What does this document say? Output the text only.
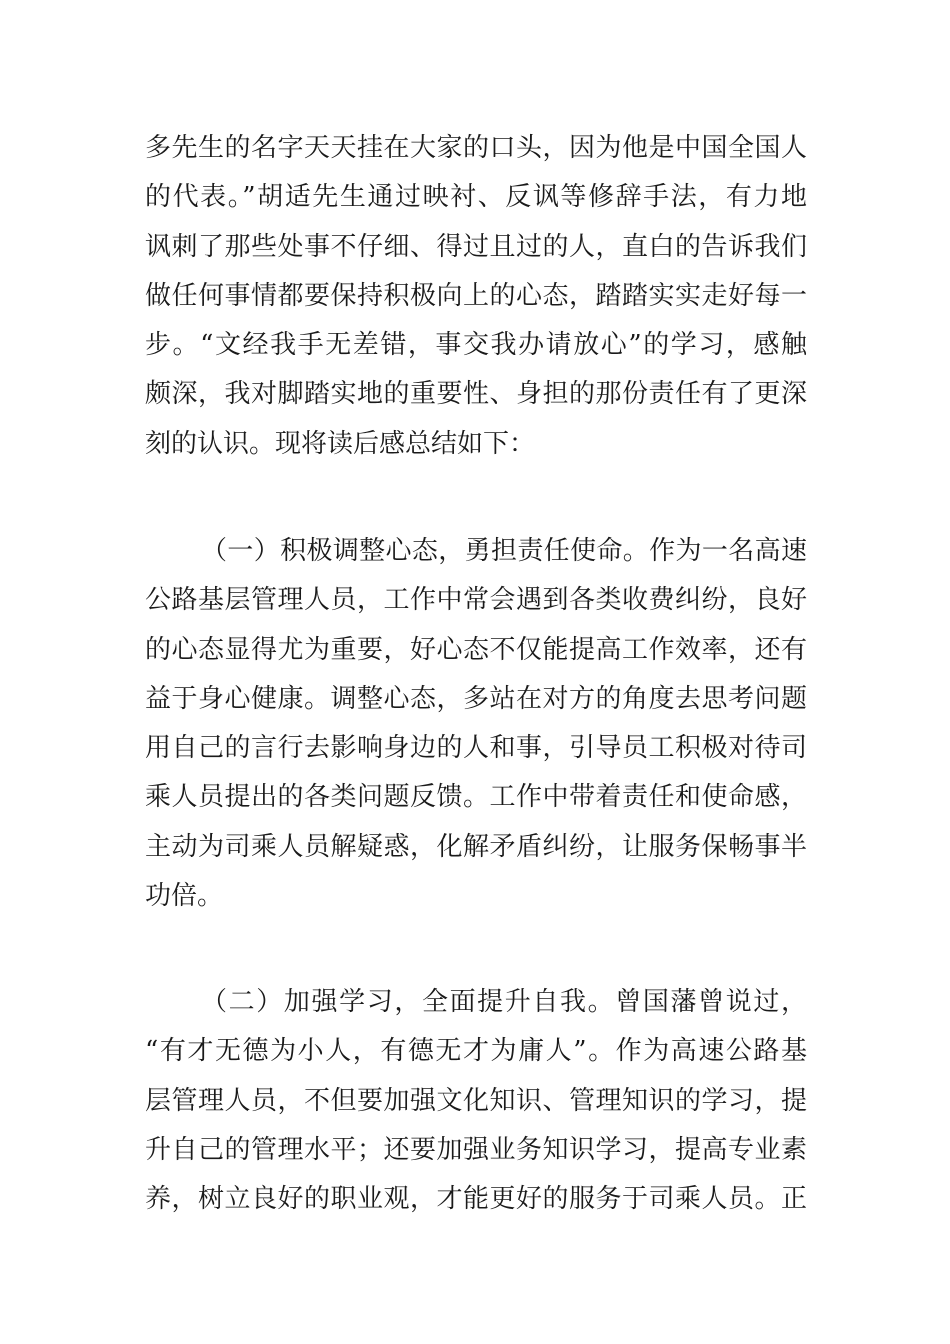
多先生的名字天天挂在大家的口头，因为他是中国全国人
的代表。”胡适先生通过映衬、反讽等修辞手法，有力地
讽刺了那些处事不仔细、得过且过的人，直白的告诉我们
做任何事情都要保持积极向上的心态，踏踏实实走好每一
步。“文经我手无差错，事交我办请放心”的学习，感触
颇深，我对脚踏实地的重要性、身担的那份责任有了更深
刻的认识。现将读后感总结如下：
（一）积极调整心态，勇担责任使命。作为一名高速
公路基层管理人员，工作中常会遇到各类收费纠纷，良好
的心态显得尤为重要，好心态不仅能提高工作效率，还有
益于身心健康。调整心态，多站在对方的角度去思考问题
用自己的言行去影响身边的人和事，引导员工积极对待司
乘人员提出的各类问题反馈。工作中带着责任和使命感，
主动为司乘人员解疑惑，化解矛盾纠纷，让服务保畅事半
功倍。
（二）加强学习，全面提升自我。曾国藩曾说过，
“有才无德为小人，有德无才为庸人”。作为高速公路基
层管理人员，不但要加强文化知识、管理知识的学习，提
升自己的管理水平；还要加强业务知识学习，提高专业素
养，树立良好的职业观，才能更好的服务于司乘人员。正
